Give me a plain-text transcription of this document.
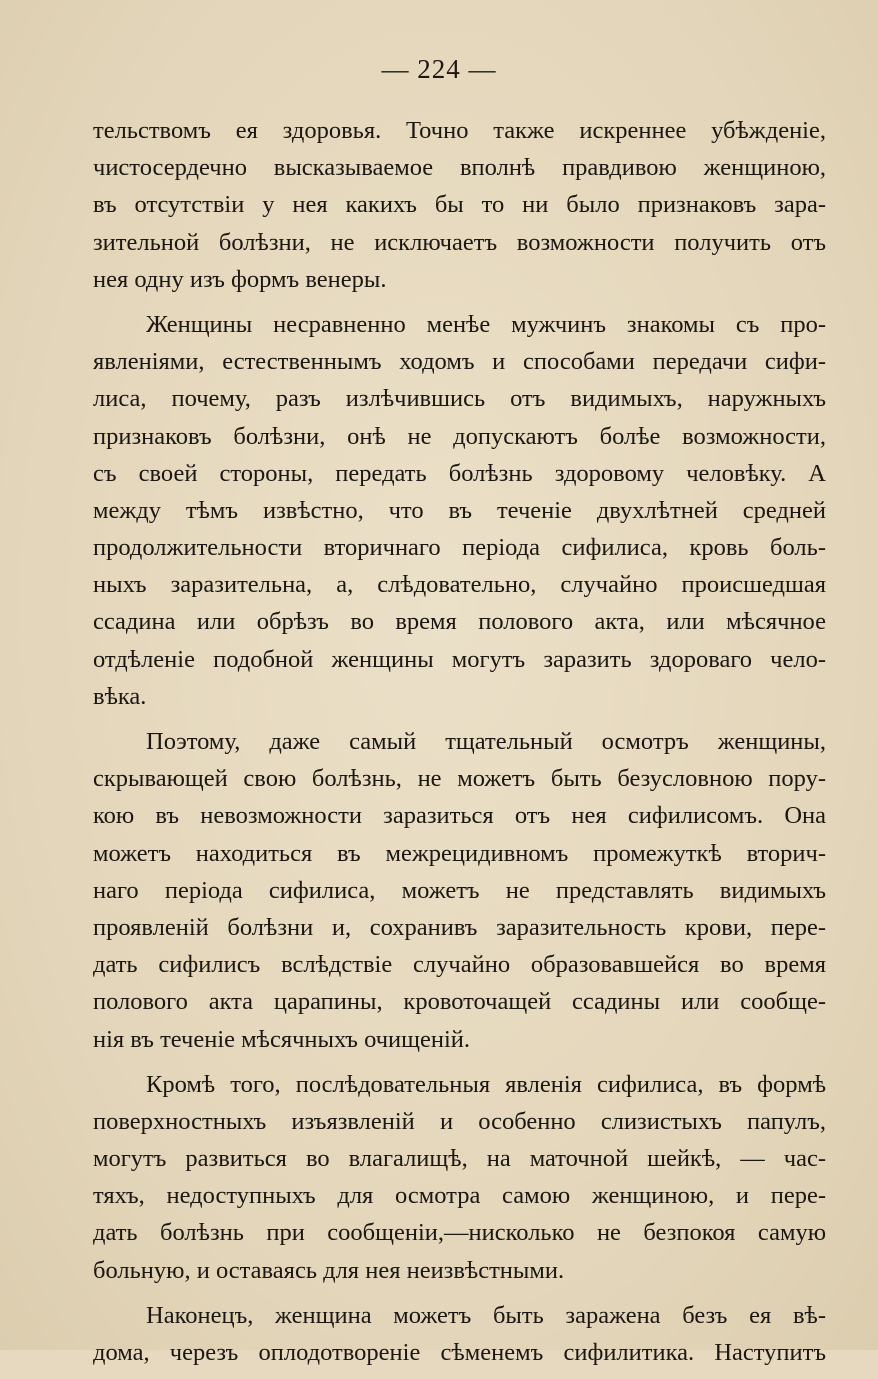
— 224 —
тельствомъ ея здоровья. Точно также искреннее убѣжденіе,
чистосердечно высказываемое вполнѣ правдивою женщиною,
въ отсутствіи у нея какихъ бы то ни было признаковъ зара-
зительной болѣзни, не исключаетъ возможности получить отъ
нея одну изъ формъ венеры.
Женщины несравненно менѣе мужчинъ знакомы съ про-
явленіями, естественнымъ ходомъ и способами передачи сифи-
лиса, почему, разъ излѣчившись отъ видимыхъ, наружныхъ
признаковъ болѣзни, онѣ не допускаютъ болѣе возможности,
съ своей стороны, передать болѣзнь здоровому человѣку. А
между тѣмъ извѣстно, что въ теченіе двухлѣтней средней
продолжительности вторичнаго періода сифилиса, кровь боль-
ныхъ заразительна, а, слѣдовательно, случайно происшедшая
ссадина или обрѣзъ во время полового акта, или мѣсячное
отдѣленіе подобной женщины могутъ заразить здороваго чело-
вѣка.
Поэтому, даже самый тщательный осмотръ женщины,
скрывающей свою болѣзнь, не можетъ быть безусловною пору-
кою въ невозможности заразиться отъ нея сифилисомъ. Она
можетъ находиться въ межрецидивномъ промежуткѣ вторич-
наго періода сифилиса, можетъ не представлять видимыхъ
проявленій болѣзни и, сохранивъ заразительность крови, пере-
дать сифилисъ вслѣдствіе случайно образовавшейся во время
полового акта царапины, кровоточащей ссадины или сообще-
нія въ теченіе мѣсячныхъ очищеній.
Кромѣ того, послѣдовательныя явленія сифилиса, въ формѣ
поверхностныхъ изъязвленій и особенно слизистыхъ папулъ,
могутъ развиться во влагалищѣ, на маточной шейкѣ, — час-
тяхъ, недоступныхъ для осмотра самою женщиною, и пере-
дать болѣзнь при сообщеніи,—нисколько не безпокоя самую
больную, и оставаясь для нея неизвѣстными.
Наконецъ, женщина можетъ быть заражена безъ ея вѣ-
дома, черезъ оплодотвореніе сѣменемъ сифилитика. Наступитъ
